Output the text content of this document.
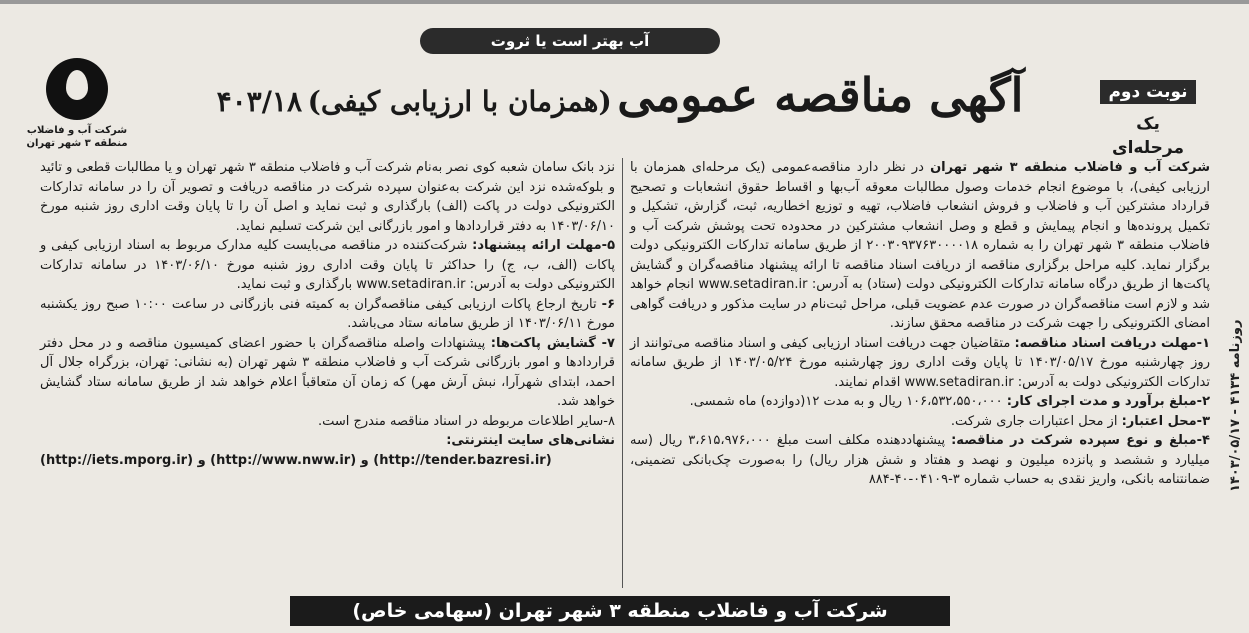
آب بهتر است یا ثروت
شرکت آب و فاضلاب
منطقه ۳ شهر تهران
آگهی مناقصه عمومی (همزمان با ارزیابی کیفی) ۴۰۳/۱۸	نوبت دوم
یک مرحله‌ای

شرکت آب و فاضلاب منطقه ۳ شهر تهران در نظر دارد مناقصه‌عمومی (یک مرحله‌ای همزمان با ارزیابی کیفی)، با موضوع انجام خدمات وصول مطالبات معوقه آب‌بها و اقساط حقوق انشعابات و تصحیح قرارداد مشترکین آب و فاضلاب و فروش انشعاب فاضلاب، تهیه و توزیع اخطاریه، ثبت، گزارش، تشکیل و تکمیل پرونده‌ها و انجام پیمایش و قطع و وصل انشعاب مشترکین در محدوده تحت پوشش شرکت آب و فاضلاب منطقه ۳ شهر تهران را به شماره ۲۰۰۳۰۹۳۷۶۳۰۰۰۰۱۸ از طریق سامانه تدارکات الکترونیکی دولت برگزار نماید. کلیه مراحل برگزاری مناقصه از دریافت اسناد مناقصه تا ارائه پیشنهاد مناقصه‌گران و گشایش پاکت‌ها از طریق درگاه سامانه تدارکات الکترونیکی دولت (ستاد) به آدرس: www.setadiran.ir انجام خواهد شد و لازم است مناقصه‌گران در صورت عدم عضویت قبلی، مراحل ثبت‌نام در سایت مذکور و دریافت گواهی امضای الکترونیکی را جهت شرکت در مناقصه محقق سازند.

۱-مهلت دریافت اسناد مناقصه: متقاضیان جهت دریافت اسناد ارزیابی کیفی و اسناد مناقصه می‌توانند از روز چهارشنبه مورخ ۱۴۰۳/۰۵/۱۷ تا پایان وقت اداری روز چهارشنبه مورخ ۱۴۰۳/۰۵/۲۴ از طریق سامانه تدارکات الکترونیکی دولت به آدرس: www.setadiran.ir اقدام نمایند.

۲-مبلغ برآورد و مدت اجرای کار: ۱۰۶،۵۳۲،۵۵۰،۰۰۰ ریال و به مدت ۱۲(دوازده) ماه شمسی.

۳-محل اعتبار: از محل اعتبارات جاری شرکت.

۴-مبلغ و نوع سپرده شرکت در مناقصه: پیشنهاددهنده مکلف است مبلغ ۳،۶۱۵،۹۷۶،۰۰۰ ریال (سه میلیارد و ششصد و پانزده میلیون و نهصد و هفتاد و شش هزار ریال) را به‌صورت چک‌بانکی تضمینی، ضمانتنامه بانکی، واریز نقدی به حساب شماره ۳-۰۴۱۰۹-۴۰-۸۸۴

نزد بانک سامان شعبه کوی نصر به‌نام شرکت آب و فاضلاب منطقه ۳ شهر تهران و یا مطالبات قطعی و تائید و بلوکه‌شده نزد این شرکت به‌عنوان سپرده شرکت در مناقصه دریافت و تصویر آن را در سامانه تدارکات الکترونیکی دولت در پاکت (الف) بارگذاری و ثبت نماید و اصل آن را تا پایان وقت اداری روز شنبه مورخ ۱۴۰۳/۰۶/۱۰ به دفتر قراردادها و امور بازرگانی این شرکت تسلیم نماید.

۵-مهلت ارائه پیشنهاد: شرکت‌کننده در مناقصه می‌بایست کلیه مدارک مربوط به اسناد ارزیابی کیفی و پاکات (الف، ب، ج) را حداکثر تا پایان وقت اداری روز شنبه مورخ ۱۴۰۳/۰۶/۱۰ در سامانه تدارکات الکترونیکی دولت به آدرس: www.setadiran.ir بارگذاری و ثبت نماید.

۶- تاریخ ارجاع پاکات ارزیابی کیفی مناقصه‌گران به کمیته فنی بازرگانی در ساعت ۱۰:۰۰ صبح روز یکشنبه مورخ ۱۴۰۳/۰۶/۱۱ از طریق سامانه ستاد می‌باشد.

۷- گشایش پاکت‌ها: پیشنهادات واصله مناقصه‌گران با حضور اعضای کمیسیون مناقصه و در محل دفتر قراردادها و امور بازرگانی شرکت آب و فاضلاب منطقه ۳ شهر تهران (به نشانی: تهران، بزرگراه جلال آل احمد، ابتدای شهرآرا، نبش آرش مهر) که زمان آن متعاقباً اعلام خواهد شد از طریق سامانه ستاد گشایش خواهد شد.

۸-سایر اطلاعات مربوطه در اسناد مناقصه مندرج است.

نشانی‌های سایت اینترنتی:

(http://iets.mporg.ir) و (http://www.nww.ir) و (http://tender.bazresi.ir)

شرکت آب و فاضلاب منطقه ۳ شهر تهران (سهامی خاص)
روزنامه ۴۱۳۴ - ۱۴۰۳/۰۵/۱۷
